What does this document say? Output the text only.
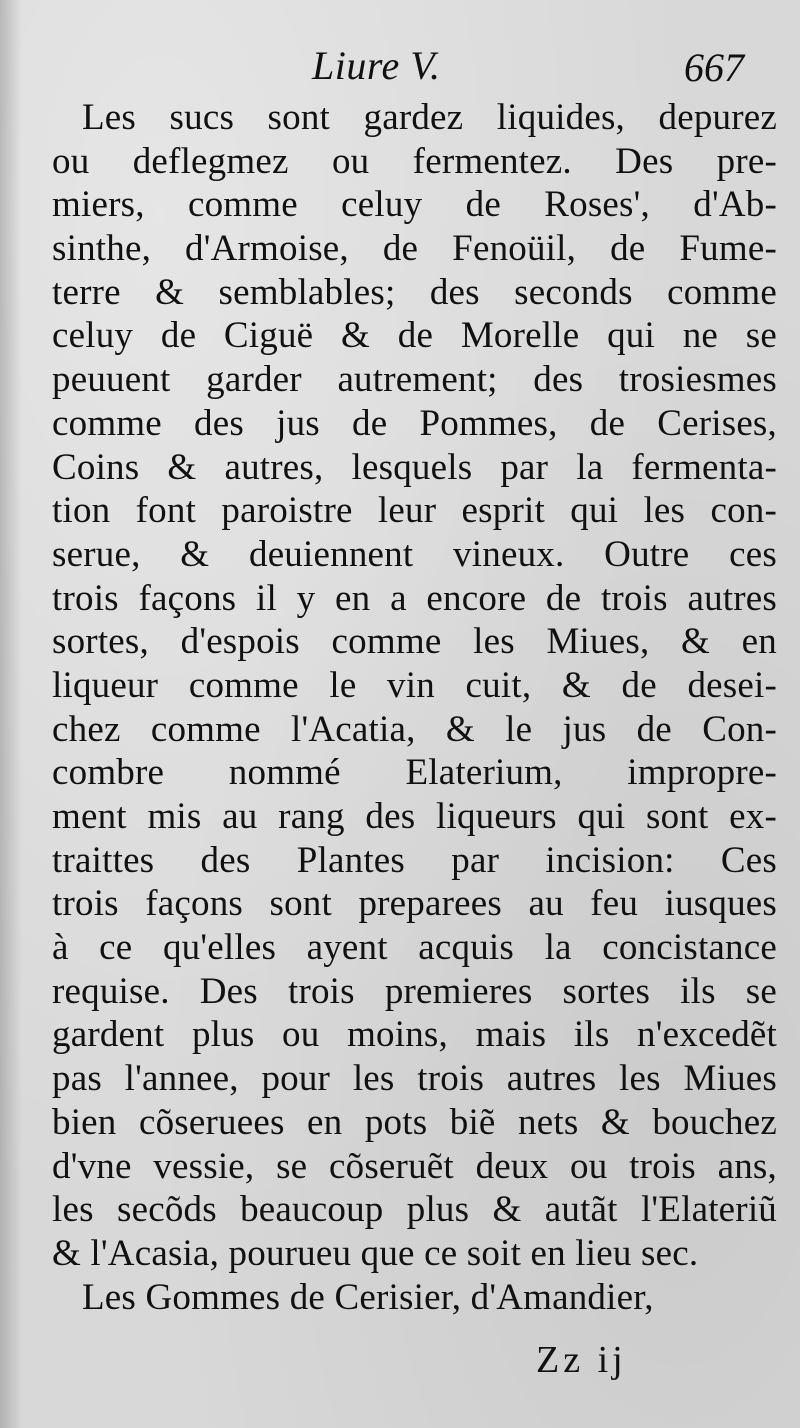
Liure V.	667
Les sucs sont gardez liquides, depurez
ou deflegmez ou fermentez. Des pre-
miers, comme celuy de Roses', d'Ab-
sinthe, d'Armoise, de Fenoüil, de Fume-
terre & semblables; des seconds comme
celuy de Ciguë & de Morelle qui ne se
peuuent garder autrement; des trosiesmes
comme des jus de Pommes, de Cerises,
Coins & autres, lesquels par la fermenta-
tion font paroistre leur esprit qui les con-
serue, & deuiennent vineux. Outre ces
trois façons il y en a encore de trois autres
sortes, d'espois comme les Miues, & en
liqueur comme le vin cuit, & de desei-
chez comme l'Acatia, & le jus de Con-
combre nommé Elaterium, impropre-
ment mis au rang des liqueurs qui sont ex-
traittes des Plantes par incision: Ces
trois façons sont preparees au feu iusques
à ce qu'elles ayent acquis la concistance
requise. Des trois premieres sortes ils se
gardent plus ou moins, mais ils n'excedẽt
pas l'annee, pour les trois autres les Miues
bien cõseruees en pots biẽ nets & bouchez
d'vne vessie, se cõseruẽt deux ou trois ans,
les secõds beaucoup plus & autãt l'Elateriũ
& l'Acasia, pourueu que ce soit en lieu sec.
Les Gommes de Cerisier, d'Amandier,
Zz ij
